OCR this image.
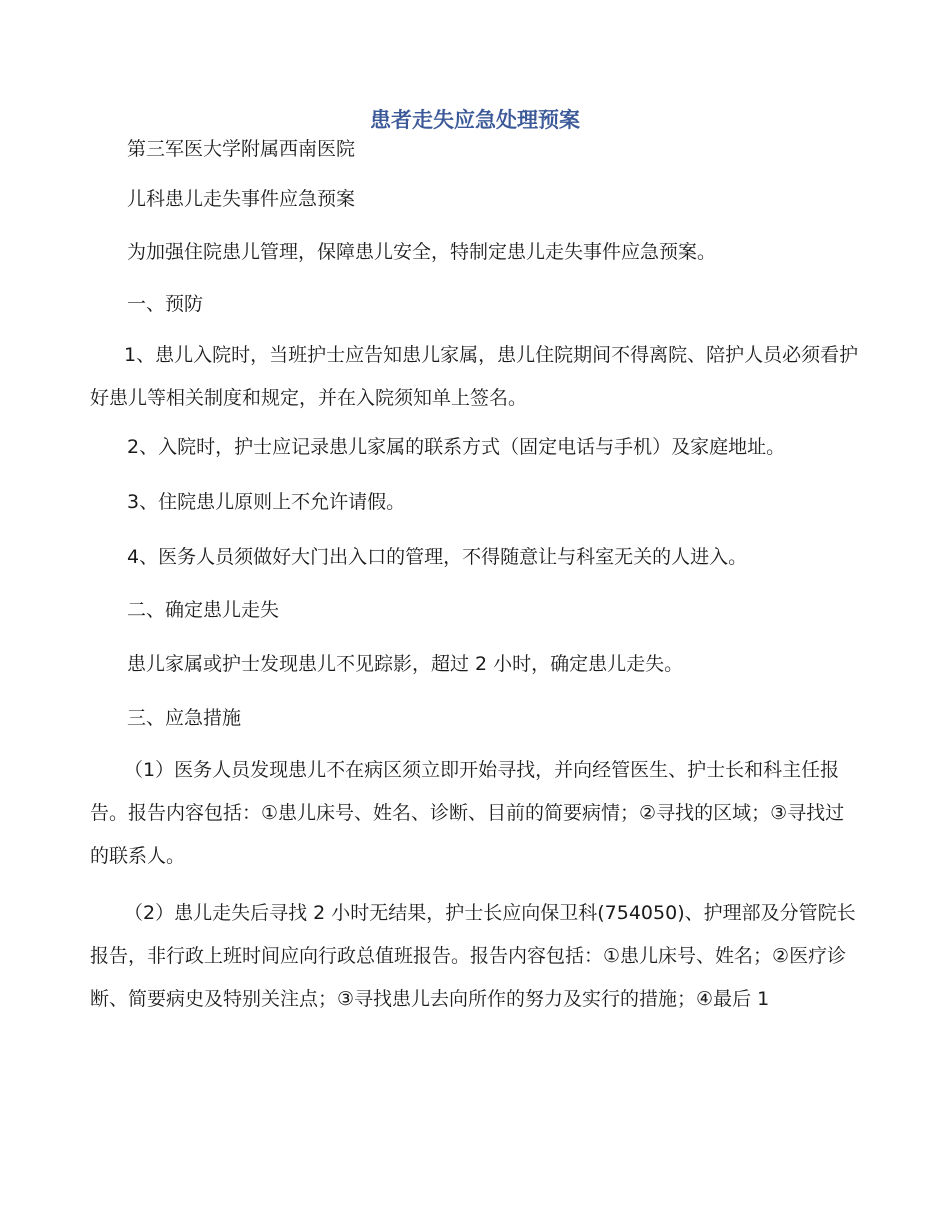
患者走失应急处理预案
第三军医大学附属西南医院
儿科患儿走失事件应急预案
为加强住院患儿管理，保障患儿安全，特制定患儿走失事件应急预案。
一、预防

1、患儿入院时，当班护士应告知患儿家属，患儿住院期间不得离院、陪护人员必须看护好患儿等相关制度和规定，并在入院须知单上签名。

2、入院时，护士应记录患儿家属的联系方式（固定电话与手机）及家庭地址。
3、住院患儿原则上不允许请假。
4、医务人员须做好大门出入口的管理，不得随意让与科室无关的人进入。
二、确定患儿走失
患儿家属或护士发现患儿不见踪影，超过 2 小时，确定患儿走失。
三、应急措施

（1）医务人员发现患儿不在病区须立即开始寻找，并向经管医生、护士长和科主任报告。报告内容包括：①患儿床号、姓名、诊断、目前的简要病情；②寻找的区域；③寻找过的联系人。

（2）患儿走失后寻找 2 小时无结果，护士长应向保卫科(754050)、护理部及分管院长报告，非行政上班时间应向行政总值班报告。报告内容包括：①患儿床号、姓名；②医疗诊断、简要病史及特别关注点；③寻找患儿去向所作的努力及实行的措施；④最后 1
